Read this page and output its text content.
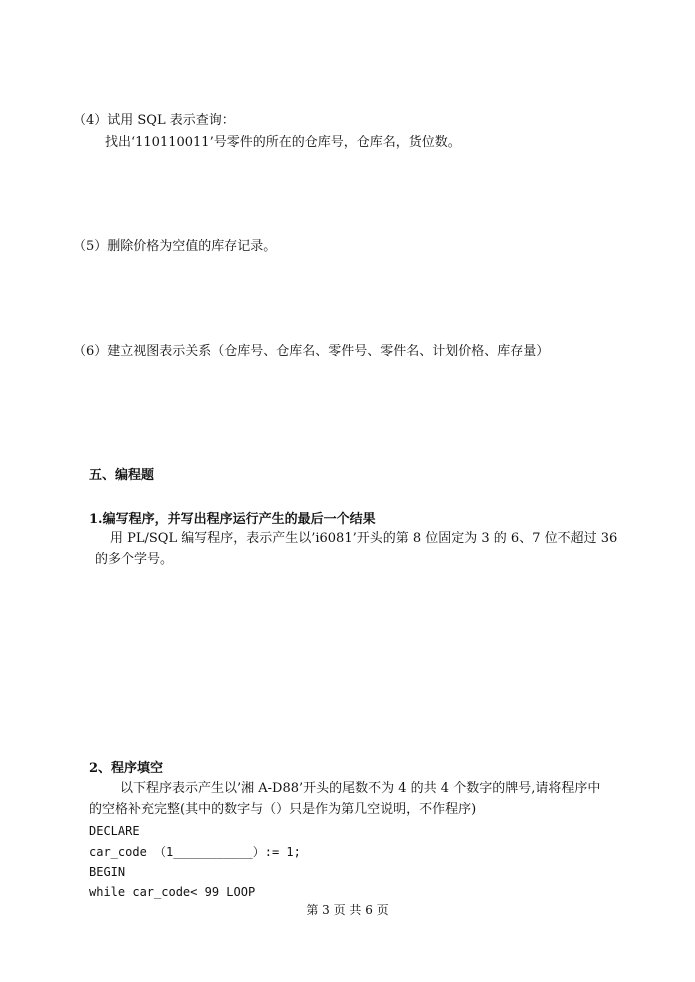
（4）试用 SQL 表示查询：
找出‘110110011’号零件的所在的仓库号，仓库名，货位数。
（5）删除价格为空值的库存记录。
（6）建立视图表示关系（仓库号、仓库名、零件号、零件名、计划价格、库存量）
五、编程题
1.编写程序，并写出程序运行产生的最后一个结果
用 PL/SQL 编写程序，表示产生以’i6081’开头的第 8 位固定为 3 的 6、7 位不超过 36
的多个学号。
2、程序填空
以下程序表示产生以’湘 A-D88’开头的尾数不为 4 的共 4 个数字的牌号,请将程序中
的空格补充完整(其中的数字与（）只是作为第几空说明，不作程序)
DECLARE
car_code （1___________）:= 1;
BEGIN
while car_code< 99 LOOP
第 3 页 共 6 页
